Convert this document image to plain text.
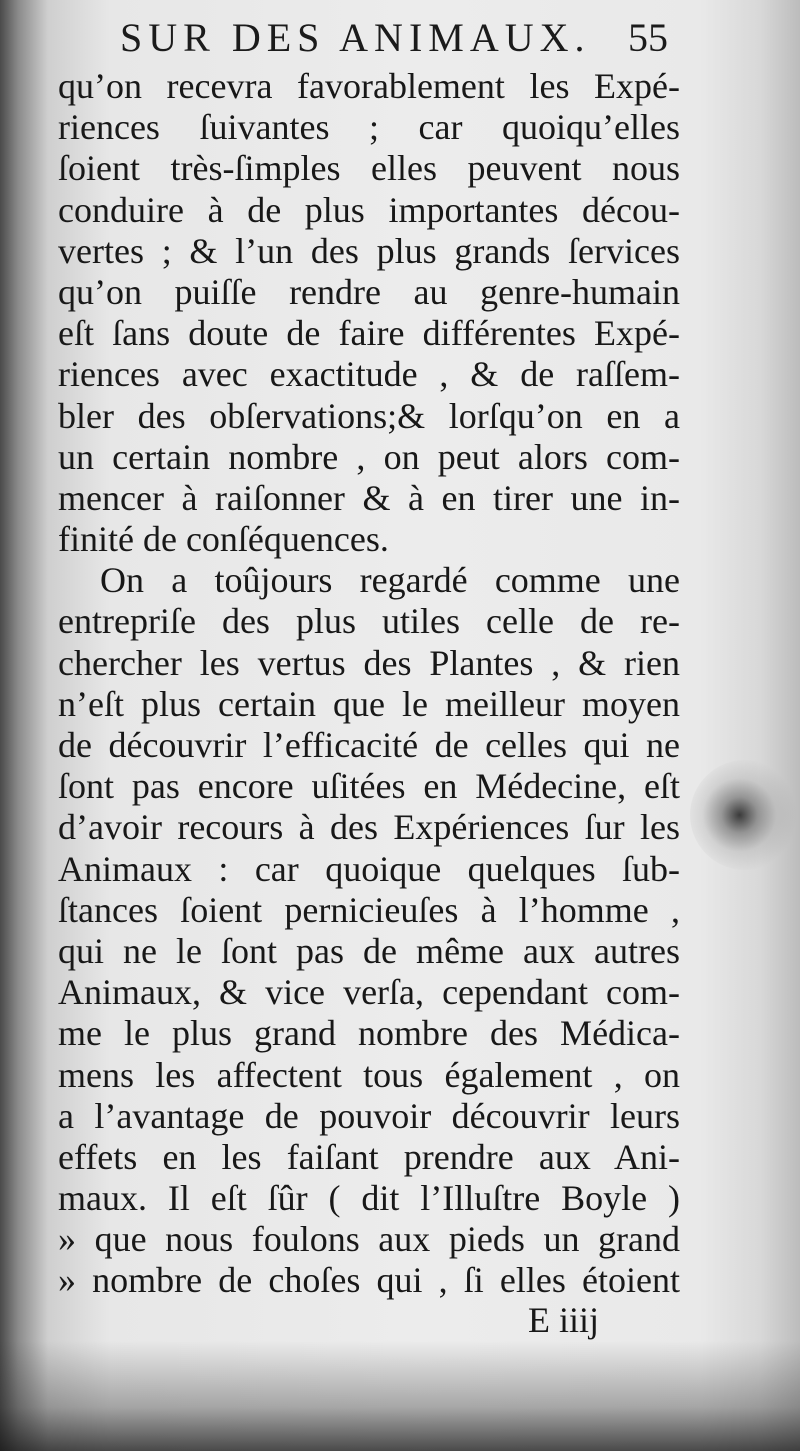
SUR DES ANIMAUX. 55
qu’on recevra favorablement les Expé-
riences ſuivantes ; car quoiqu’elles
ſoient très-ſimples elles peuvent nous
conduire à de plus importantes décou-
vertes ; & l’un des plus grands ſervices
qu’on puiſſe rendre au genre-humain
eſt ſans doute de faire différentes Expé-
riences avec exactitude , & de raſſem-
bler des obſervations;& lorſqu’on en a
un certain nombre , on peut alors com-
mencer à raiſonner & à en tirer une in-
finité de conſéquences.
On a toûjours regardé comme une
entrepriſe des plus utiles celle de re-
chercher les vertus des Plantes , & rien
n’eſt plus certain que le meilleur moyen
de découvrir l’efficacité de celles qui ne
ſont pas encore uſitées en Médecine, eſt
d’avoir recours à des Expériences ſur les
Animaux : car quoique quelques ſub-
ſtances ſoient pernicieuſes à l’homme ,
qui ne le ſont pas de même aux autres
Animaux, & vice verſa, cependant com-
me le plus grand nombre des Médica-
mens les affectent tous également , on
a l’avantage de pouvoir découvrir leurs
effets en les faiſant prendre aux Ani-
maux. Il eſt ſûr ( dit l’Illuſtre Boyle )
» que nous foulons aux pieds un grand
» nombre de choſes qui , ſi elles étoient
E iiij
